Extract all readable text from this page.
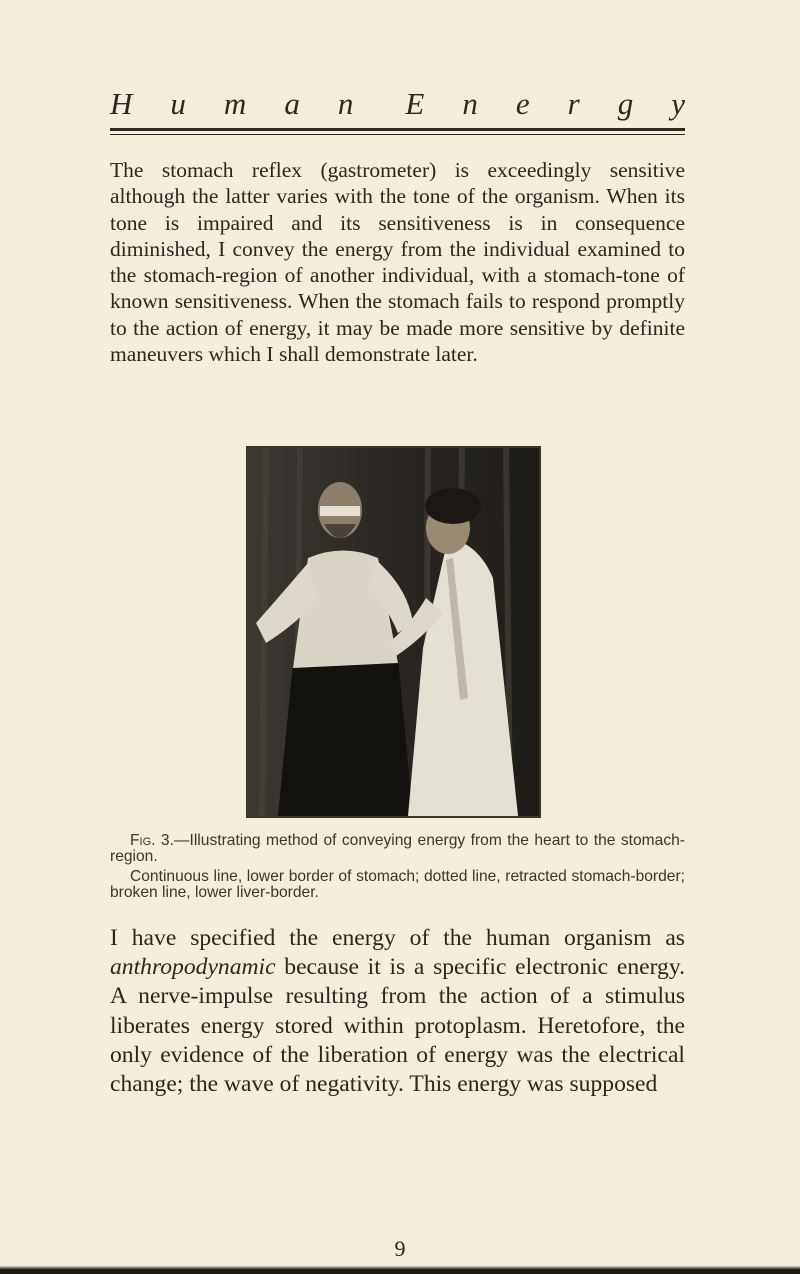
H u m a n E n e r g y

The stomach reflex (gastrometer) is exceedingly sensitive although the latter varies with the tone of the organism. When its tone is impaired and its sensitiveness is in consequence diminished, I convey the energy from the individual examined to the stomach-region of another individual, with a stomach-tone of known sensitiveness. When the stomach fails to respond promptly to the action of energy, it may be made more sensitive by definite maneuvers which I shall demonstrate later.

Fig. 3.—Illustrating method of conveying energy from the heart to the stomach-region.

Continuous line, lower border of stomach; dotted line, retracted stomach-border; broken line, lower liver-border.

I have specified the energy of the human organism as anthropodynamic because it is a specific electronic energy. A nerve-impulse resulting from the action of a stimulus liberates energy stored within protoplasm. Heretofore, the only evidence of the liberation of energy was the electrical change; the wave of negativity. This energy was supposed

9
